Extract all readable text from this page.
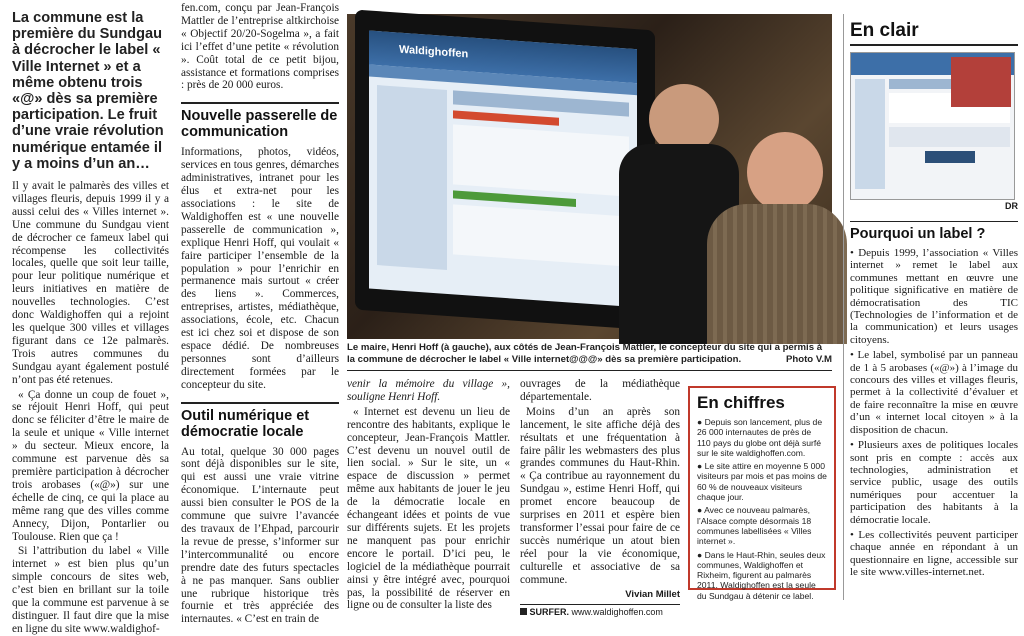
La commune est la première du Sundgau à décrocher le label « Ville Internet » et a même obtenu trois «@» dès sa première participation. Le fruit d’une vraie révolution numérique entamée il y a moins d’un an…

Il y avait le palmarès des villes et villages fleuris, depuis 1999 il y a aussi celui des « Villes internet ». Une commune du Sundgau vient de décrocher ce fameux label qui récompense les collectivités locales, quelle que soit leur taille, pour leur politique numérique et leurs initiatives en matière de nouvelles technologies. C’est donc Waldighoffen qui a rejoint les quelque 300 villes et villages figurant dans ce 12e palmarès. Trois autres communes du Sundgau ayant également postulé n’ont pas été retenues.

« Ça donne un coup de fouet », se réjouit Henri Hoff, qui peut donc se féliciter d’être le maire de la seule et unique « Ville internet » du secteur. Mieux encore, la commune est parvenue dès sa première participation à décrocher trois arobases («@») sur une échelle de cinq, ce qui la place au même rang que des villes comme Annecy, Dijon, Pontarlier ou Toulouse. Rien que ça !

Si l’attribution du label « Ville internet » est bien plus qu’un simple concours de sites web, c’est bien en brillant sur la toile que la commune est parvenue à se distinguer. Il faut dire que la mise en ligne du site www.waldighof-

fen.com, conçu par Jean-François Mattler de l’entreprise altkirchoise « Objectif 20/20-Sogelma », a fait ici l’effet d’une petite « révolution ». Coût total de ce petit bijou, assistance et formations comprises : près de 20 000 euros.
Nouvelle passerelle de communication
Informations, photos, vidéos, services en tous genres, démarches administratives, intranet pour les élus et extra-net pour les associations : le site de Waldighoffen est « une nouvelle passerelle de communication », explique Henri Hoff, qui voulait « faire participer l’ensemble de la population » pour l’enrichir en permanence mais surtout « créer des liens ». Commerces, entreprises, artistes, médiathèque, associations, école, etc. Chacun est ici chez soi et dispose de son espace dédié. De nombreuses personnes sont d’ailleurs directement formées par le concepteur du site.
Outil numérique et démocratie locale
Au total, quelque 30 000 pages sont déjà disponibles sur le site, qui est aussi une vraie vitrine économique. L’internaute peut aussi bien consulter le POS de la commune que suivre l’avancée des travaux de l’Ehpad, parcourir la revue de presse, s’informer sur l’intercommunalité ou encore prendre date des futurs spectacles à ne pas manquer. Sans oublier une rubrique historique très fournie et très appréciée des internautes. « C’est en train de
Waldighoffen
Le maire, Henri Hoff (à gauche), aux côtés de Jean-François Mattler, le concepteur du site qui a permis à la commune de décrocher le label « Ville internet@@@» dès sa première participation.	Photo V.M

venir la mémoire du village », souligne Henri Hoff.

« Internet est devenu un lieu de rencontre des habitants, explique le concepteur, Jean-François Mattler. C’est devenu un nouvel outil de lien social. » Sur le site, un « espace de discussion » permet même aux habitants de jouer le jeu de la démocratie locale en échangeant idées et points de vue sur différents sujets. Et les projets ne manquent pas pour enrichir encore le portail. D’ici peu, le logiciel de la médiathèque pourrait ainsi y être intégré avec, pourquoi pas, la possibilité de réserver en ligne ou de consulter la liste des

ouvrages de la médiathèque départementale.

Moins d’un an après son lancement, le site affiche déjà des résultats et une fréquentation à faire pâlir les webmasters des plus grandes communes du Haut-Rhin. « Ça contribue au rayonnement du Sundgau », estime Henri Hoff, qui promet encore beaucoup de surprises en 2011 et espère bien transformer l’essai pour faire de ce succès numérique un atout bien réel pour la vie économique, culturelle et associative de sa commune.

Vivian Millet
SURFER. www.waldighoffen.com
En chiffres
● Depuis son lancement, plus de 26 000 internautes de près de 110 pays du globe ont déjà surfé sur le site waldighoffen.com.
● Le site attire en moyenne 5 000 visiteurs par mois et pas moins de 60 % de nouveaux visiteurs chaque jour.
● Avec ce nouveau palmarès, l’Alsace compte désormais 18 communes labellisées « Villes internet ».
● Dans le Haut-Rhin, seules deux communes, Waldighoffen et Rixheim, figurent au palmarès 2011. Waldighoffen est la seule du Sundgau à détenir ce label.
En clair
DR
Pourquoi un label ?
• Depuis 1999, l’association « Villes internet » remet le label aux communes mettant en œuvre une politique significative en matière de démocratisation des TIC (Technologies de l’information et de la communication) et leurs usages citoyens.
• Le label, symbolisé par un panneau de 1 à 5 arobases («@») à l’image du concours des villes et villages fleuris, permet à la collectivité d’évaluer et de faire reconnaître la mise en œuvre d’un « internet local citoyen » à la disposition de chacun.
• Plusieurs axes de politiques locales sont pris en compte : accès aux technologies, administration et service public, usage des outils numériques pour accentuer la participation des habitants à la démocratie locale.
• Les collectivités peuvent participer chaque année en répondant à un questionnaire en ligne, accessible sur le site www.villes-internet.net.
